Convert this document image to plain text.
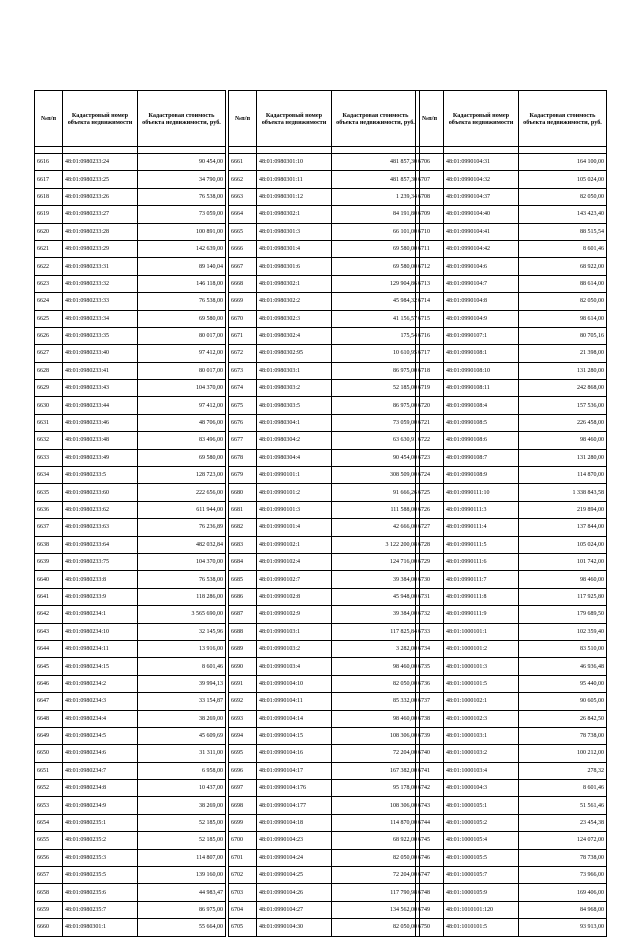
№п/п	Кадастровый номер объекта недвижимости	Кадастровая стоимость объекта недвижимости, руб.

6616	48:01:0980233:24	90 454,00
6617	48:01:0980233:25	34 790,00
6618	48:01:0980233:26	76 538,00
6619	48:01:0980233:27	73 059,00
6620	48:01:0980233:28	100 891,00
6621	48:01:0980233:29	142 639,00
6622	48:01:0980233:31	89 140,04
6623	48:01:0980233:32	146 118,00
6624	48:01:0980233:33	76 538,00
6625	48:01:0980233:34	69 580,00
6626	48:01:0980233:35	80 017,00
6627	48:01:0980233:40	97 412,00
6628	48:01:0980233:41	80 017,00
6629	48:01:0980233:43	104 370,00
6630	48:01:0980233:44	97 412,00
6631	48:01:0980233:46	48 706,00
6632	48:01:0980233:48	83 496,00
6633	48:01:0980233:49	69 580,00
6634	48:01:0980233:5	128 723,00
6635	48:01:0980233:60	222 656,00
6636	48:01:0980233:62	611 944,00
6637	48:01:0980233:63	76 236,89
6638	48:01:0980233:64	482 032,84
6639	48:01:0980233:75	104 370,00
6640	48:01:0980233:8	76 538,00
6641	48:01:0980233:9	118 286,00
6642	48:01:0980234:1	3 565 690,00
6643	48:01:0980234:10	32 145,96
6644	48:01:0980234:11	13 916,00
6645	48:01:0980234:15	8 601,46
6646	48:01:0980234:2	39 994,13
6647	48:01:0980234:3	33 154,87
6648	48:01:0980234:4	38 269,00
6649	48:01:0980234:5	45 609,69
6650	48:01:0980234:6	31 311,00
6651	48:01:0980234:7	6 958,00
6652	48:01:0980234:8	10 437,00
6653	48:01:0980234:9	38 269,00
6654	48:01:0980235:1	52 185,00
6655	48:01:0980235:2	52 185,00
6656	48:01:0980235:3	114 807,00
6657	48:01:0980235:5	139 160,00
6658	48:01:0980235:6	44 983,47
6659	48:01:0980235:7	86 975,00
6660	48:01:0980301:1	55 664,00
№п/п	Кадастровый номер объекта недвижимости	Кадастровая стоимость объекта недвижимости, руб.

6661	48:01:0980301:10	481 857,30
6662	48:01:0980301:11	481 857,30
6663	48:01:0980301:12	1 239,34
6664	48:01:0980302:1	84 191,80
6665	48:01:0980301:3	66 101,00
6666	48:01:0980301:4	69 580,00
6667	48:01:0980301:6	69 580,00
6668	48:01:0980302:1	129 904,86
6669	48:01:0980302:2	45 984,32
6670	48:01:0980302:3	41 156,57
6671	48:01:0980302:4	175,54
6672	48:01:0980302:95	10 610,95
6673	48:01:0980303:1	86 975,00
6674	48:01:0980303:2	52 185,00
6675	48:01:0980303:5	86 975,00
6676	48:01:0980304:1	73 059,00
6677	48:01:0980304:2	63 630,91
6678	48:01:0980304:4	90 454,00
6679	48:01:0990101:1	308 509,00
6680	48:01:0990101:2	91 666,26
6681	48:01:0990101:3	111 588,00
6682	48:01:0990101:4	42 666,00
6683	48:01:0990102:1	3 122 200,08
6684	48:01:0990102:4	124 716,00
6685	48:01:0990102:7	39 384,00
6686	48:01:0990102:8	45 948,00
6687	48:01:0990102:9	39 384,00
6688	48:01:0990103:1	117 825,84
6689	48:01:0990103:2	3 282,00
6690	48:01:0990103:4	98 460,00
6691	48:01:0990104:10	82 050,00
6692	48:01:0990104:11	85 332,00
6693	48:01:0990104:14	98 460,00
6694	48:01:0990104:15	108 306,00
6695	48:01:0990104:16	72 204,00
6696	48:01:0990104:17	167 382,00
6697	48:01:0990104:176	95 178,00
6698	48:01:0990104:177	108 306,00
6699	48:01:0990104:18	114 870,00
6700	48:01:0990104:23	68 922,00
6701	48:01:0990104:24	82 050,00
6702	48:01:0990104:25	72 204,00
6703	48:01:0990104:26	117 790,98
6704	48:01:0990104:27	134 562,00
6705	48:01:0990104:30	82 050,00
№п/п	Кадастровый номер объекта недвижимости	Кадастровая стоимость объекта недвижимости, руб.

6706	48:01:0990104:31	164 100,00
6707	48:01:0990104:32	105 024,00
6708	48:01:0990104:37	82 050,00
6709	48:01:0990104:40	143 423,40
6710	48:01:0990104:41	88 515,54
6711	48:01:0990104:42	8 601,46
6712	48:01:0990104:6	68 922,00
6713	48:01:0990104:7	88 614,00
6714	48:01:0990104:8	82 050,00
6715	48:01:0990104:9	98 614,00
6716	48:01:0990107:1	80 705,16
6717	48:01:0990108:1	21 398,00
6718	48:01:0990108:10	131 280,00
6719	48:01:0990108:11	242 868,00
6720	48:01:0990108:4	157 536,00
6721	48:01:0990108:5	226 458,00
6722	48:01:0990108:6	98 460,00
6723	48:01:0990108:7	131 280,00
6724	48:01:0990108:9	114 870,00
6725	48:01:0990111:10	1 338 843,58
6726	48:01:0990111:3	219 894,00
6727	48:01:0990111:4	137 844,00
6728	48:01:0990111:5	105 024,00
6729	48:01:0990111:6	101 742,00
6730	48:01:0990111:7	98 460,00
6731	48:01:0990111:8	117 925,80
6732	48:01:0990111:9	179 689,50
6733	48:01:1000101:1	102 359,40
6734	48:01:1000101:2	83 510,00
6735	48:01:1000101:3	46 936,48
6736	48:01:1000101:5	95 440,00
6737	48:01:1000102:1	90 605,00
6738	48:01:1000102:3	26 842,50
6739	48:01:1000103:1	78 738,00
6740	48:01:1000103:2	100 212,00
6741	48:01:1000103:4	278,32
6742	48:01:1000104:3	8 601,46
6743	48:01:1000105:1	51 561,46
6744	48:01:1000105:2	23 454,38
6745	48:01:1000105:4	124 072,00
6746	48:01:1000105:5	78 738,00
6747	48:01:1000105:7	73 966,00
6748	48:01:1000105:9	169 406,00
6749	48:01:1010101:120	84 968,00
6750	48:01:1010101:5	93 913,00
